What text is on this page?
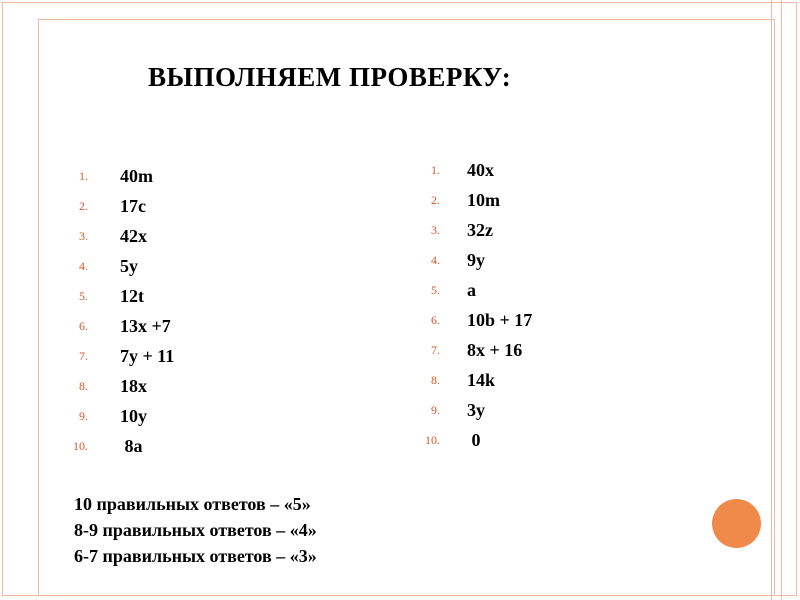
ВЫПОЛНЯЕМ ПРОВЕРКУ:
1. 40m
2. 17c
3. 42x
4. 5y
5. 12t
6. 13x +7
7. 7y + 11
8. 18x
9. 10y
10. 8a
1. 40x
2. 10m
3. 32z
4. 9y
5. a
6. 10b + 17
7. 8x + 16
8. 14k
9. 3y
10. 0
10 правильных ответов – «5»
8-9 правильных ответов – «4»
6-7 правильных ответов – «3»
